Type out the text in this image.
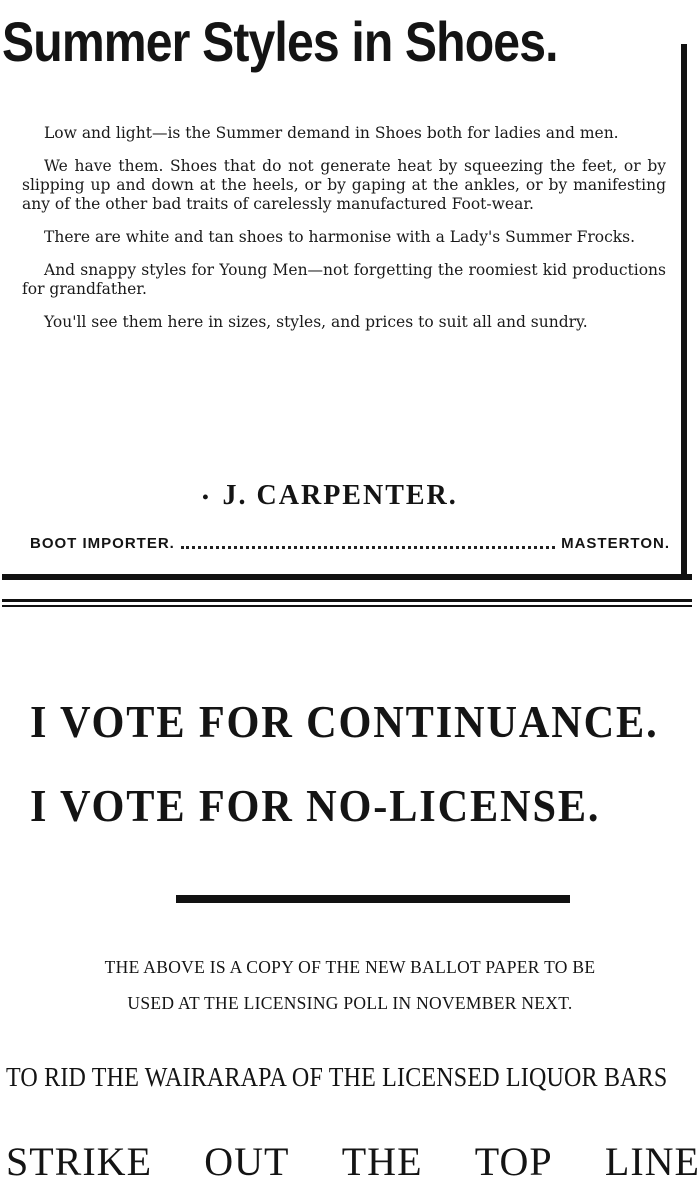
Summer Styles in Shoes.

Low and light—is the Summer demand in Shoes both for ladies and men.

We have them. Shoes that do not generate heat by squeezing the feet, or by slipping up and down at the heels, or by gaping at the ankles, or by manifesting any of the other bad traits of carelessly manufactured Foot-wear.

There are white and tan shoes to harmonise with a Lady's Summer Frocks.

And snappy styles for Young Men—not forgetting the roomiest kid productions for grandfather.

You'll see them here in sizes, styles, and prices to suit all and sundry.

• J. CARPENTER.
BOOT IMPORTER.	MASTERTON.
I VOTE FOR CONTINUANCE.
I VOTE FOR NO-LICENSE.

THE ABOVE IS A COPY OF THE NEW BALLOT PAPER TO BE

USED AT THE LICENSING POLL IN NOVEMBER NEXT.

TO RID THE WAIRARAPA OF THE LICENSED LIQUOR BARS

STRIKE OUT THE TOP LINE
